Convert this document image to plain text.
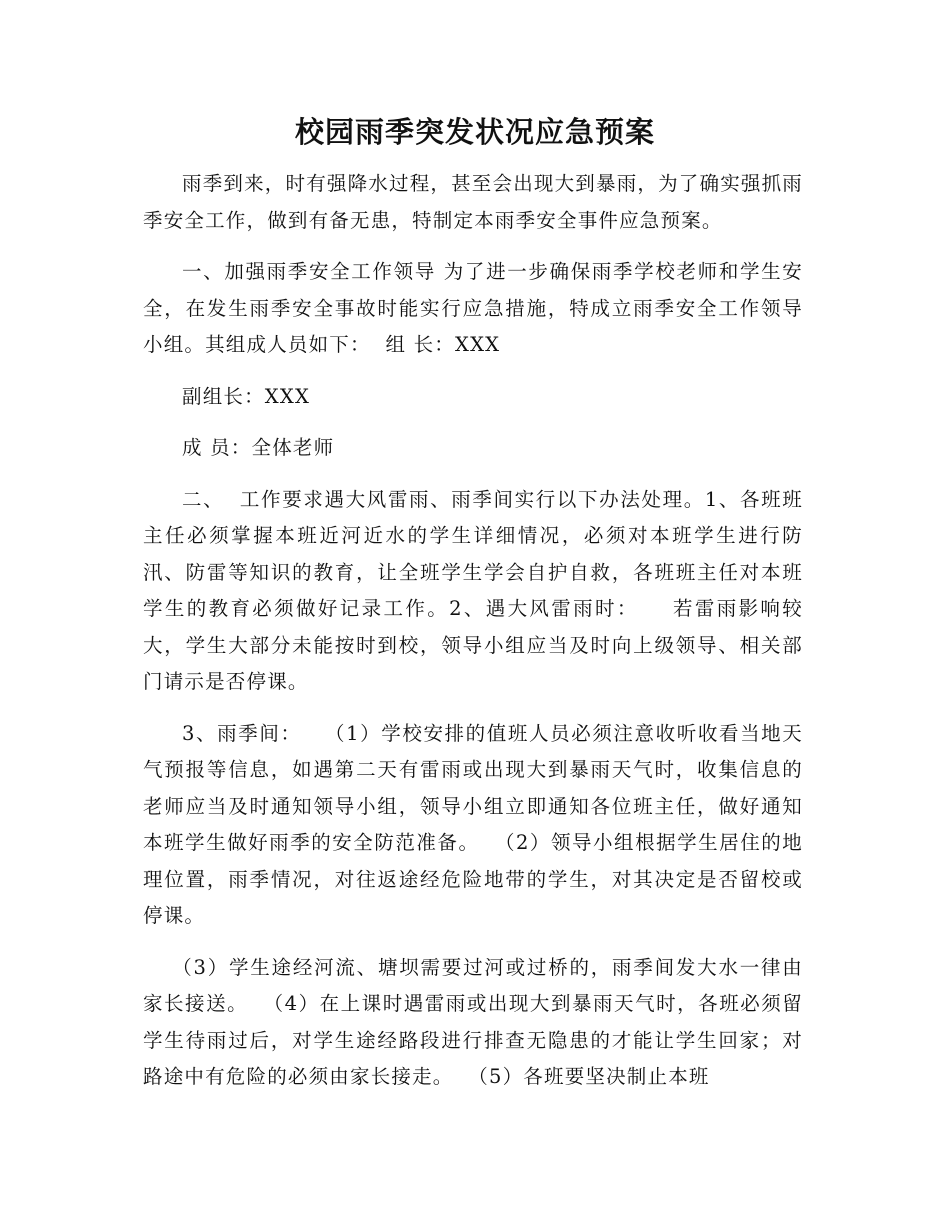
校园雨季突发状况应急预案

雨季到来，时有强降水过程，甚至会出现大到暴雨，为了确实强抓雨季安全工作，做到有备无患，特制定本雨季安全事件应急预案。

一、加强雨季安全工作领导 为了进一步确保雨季学校老师和学生安全，在发生雨季安全事故时能实行应急措施，特成立雨季安全工作领导小组。其组成人员如下：  组 长：XXX

副组长：XXX

成 员：全体老师

二、  工作要求遇大风雷雨、雨季间实行以下办法处理。1、各班班主任必须掌握本班近河近水的学生详细情况，必须对本班学生进行防汛、防雷等知识的教育，让全班学生学会自护自救，各班班主任对本班学生的教育必须做好记录工作。2、遇大风雷雨时：    若雷雨影响较大，学生大部分未能按时到校，领导小组应当及时向上级领导、相关部门请示是否停课。

3、雨季间：   （1）学校安排的值班人员必须注意收听收看当地天气预报等信息，如遇第二天有雷雨或出现大到暴雨天气时，收集信息的老师应当及时通知领导小组，领导小组立即通知各位班主任，做好通知本班学生做好雨季的安全防范准备。  （2）领导小组根据学生居住的地理位置，雨季情况，对往返途经危险地带的学生，对其决定是否留校或停课。

（3）学生途经河流、塘坝需要过河或过桥的，雨季间发大水一律由家长接送。  （4）在上课时遇雷雨或出现大到暴雨天气时，各班必须留学生待雨过后，对学生途经路段进行排查无隐患的才能让学生回家；对路途中有危险的必须由家长接走。  （5）各班要坚决制止本班
